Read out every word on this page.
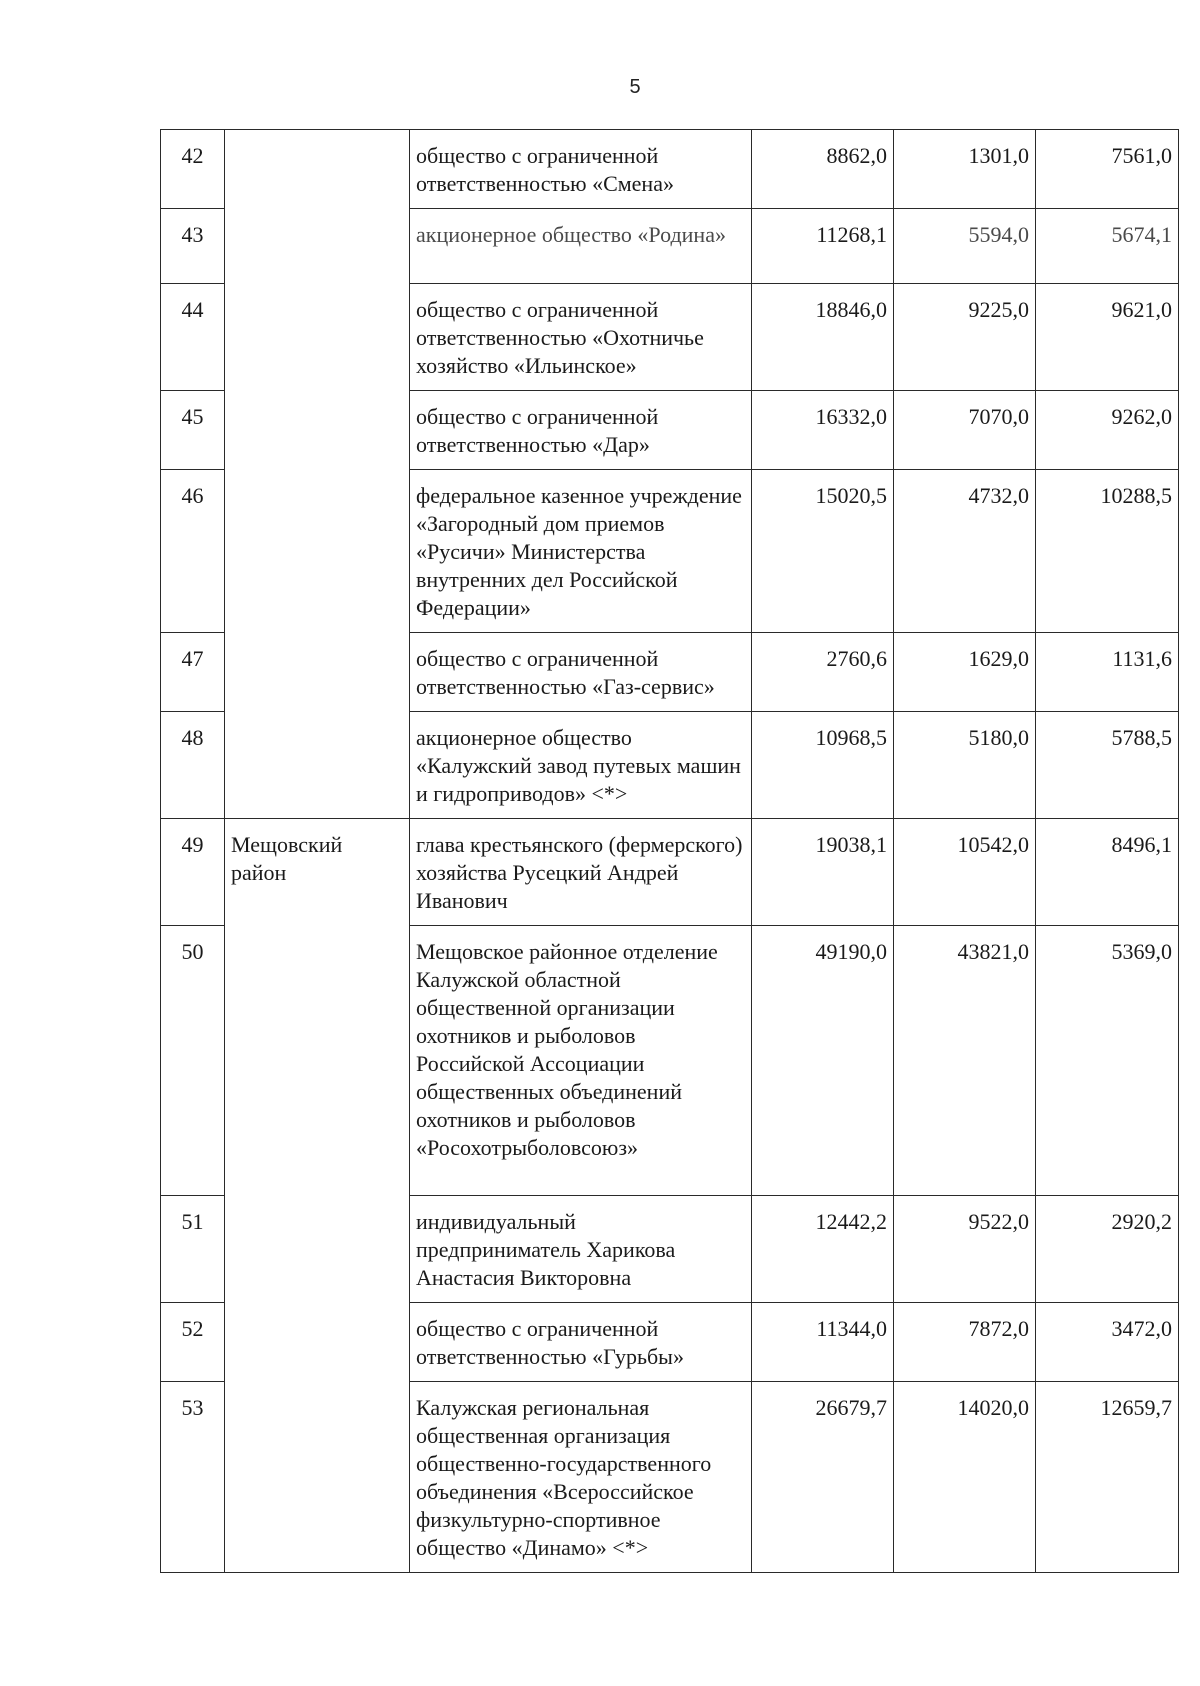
5
42		общество с ограниченной ответственностью «Смена»	8862,0	1301,0	7561,0
43		акционерное общество «Родина»	11268,1	5594,0	5674,1
44		общество с ограниченной ответственностью «Охотничье хозяйство «Ильинское»	18846,0	9225,0	9621,0
45		общество с ограниченной ответственностью «Дар»	16332,0	7070,0	9262,0
46		федеральное казенное учреждение «Загородный дом приемов «Русичи» Министерства внутренних дел Российской Федерации»	15020,5	4732,0	10288,5
47		общество с ограниченной ответственностью «Газ-сервис»	2760,6	1629,0	1131,6
48		акционерное общество «Калужский завод путевых машин и гидроприводов» <*>	10968,5	5180,0	5788,5
49	Мещовский район	глава крестьянского (фермерского) хозяйства Русецкий Андрей Иванович	19038,1	10542,0	8496,1
50		Мещовское районное отделение Калужской областной общественной организации охотников и рыболовов Российской Ассоциации общественных объединений охотников и рыболовов «Росохотрыболовсоюз»	49190,0	43821,0	5369,0
51		индивидуальный предприниматель Харикова Анастасия Викторовна	12442,2	9522,0	2920,2
52		общество с ограниченной ответственностью «Гурьбы»	11344,0	7872,0	3472,0
53		Калужская региональная общественная организация общественно-государственного объединения «Всероссийское физкультурно-спортивное общество «Динамо» <*>	26679,7	14020,0	12659,7
